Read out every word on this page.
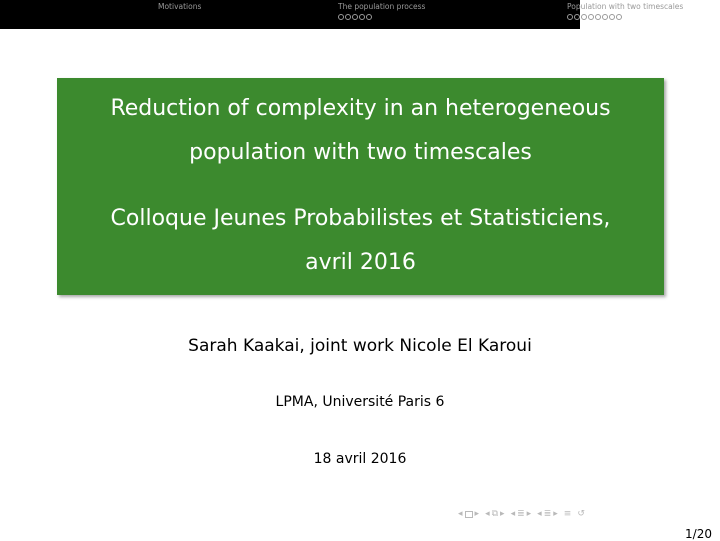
Motivations	The population process	Population with two timescales
Reduction of complexity in an heterogeneous
population with two timescales
Colloque Jeunes Probabilistes et Statisticiens,
avril 2016
Sarah Kaakai, joint work Nicole El Karoui
LPMA, Université Paris 6
18 avril 2016
◂ ▸ ◂ ⧉ ▸ ◂ ≣ ▸ ◂ ≣ ▸ ≡ ↺
1/20
